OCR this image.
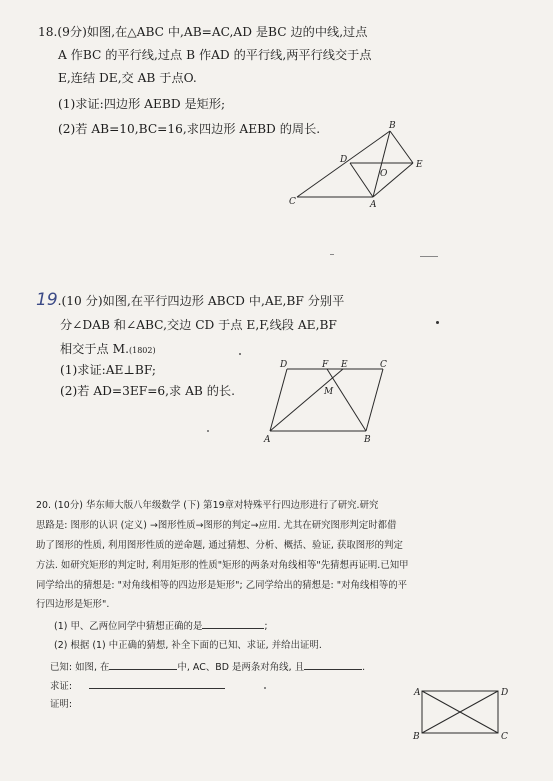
18.(9分)如图,在△ABC 中,AB=AC,AD 是BC 边的中线,过点
A 作BC 的平行线,过点 B 作AD 的平行线,两平行线交于点
E,连结 DE,交 AB 于点O.
(1)求证:四边形 AEBD 是矩形;
(2)若 AB=10,BC=16,求四边形 AEBD 的周长.	B
D	E
O
C	A
19.(10 分)如图,在平行四边形 ABCD 中,AE,BF 分别平
分∠DAB 和∠ABC,交边 CD 于点 E,F,线段 AE,BF
相交于点 M.(1802)
(1)求证:AE⊥BF;
(2)若 AD=3EF=6,求 AB 的长.
D	F E	C
M
A	B
20. (10分) 华东师大版八年级数学 (下) 第19章对特殊平行四边形进行了研究.研究
思路是: 图形的认识 (定义) →图形性质→图形的判定→应用. 尤其在研究图形判定时都借
助了图形的性质, 利用图形性质的逆命题, 通过猜想、分析、概括、验证, 获取图形的判定
方法. 如研究矩形的判定时, 利用矩形的性质"矩形的两条对角线相等"先猜想再证明.已知甲
同学给出的猜想是: "对角线相等的四边形是矩形"; 乙同学给出的猜想是: "对角线相等的平
行四边形是矩形".
(1) 甲、乙两位同学中猜想正确的是	;
(2) 根据 (1) 中正确的猜想, 补全下面的已知、求证, 并给出证明.
已知: 如图, 在	中, AC、BD 是两条对角线, 且	.
求证:
证明:
A	D
B	C
